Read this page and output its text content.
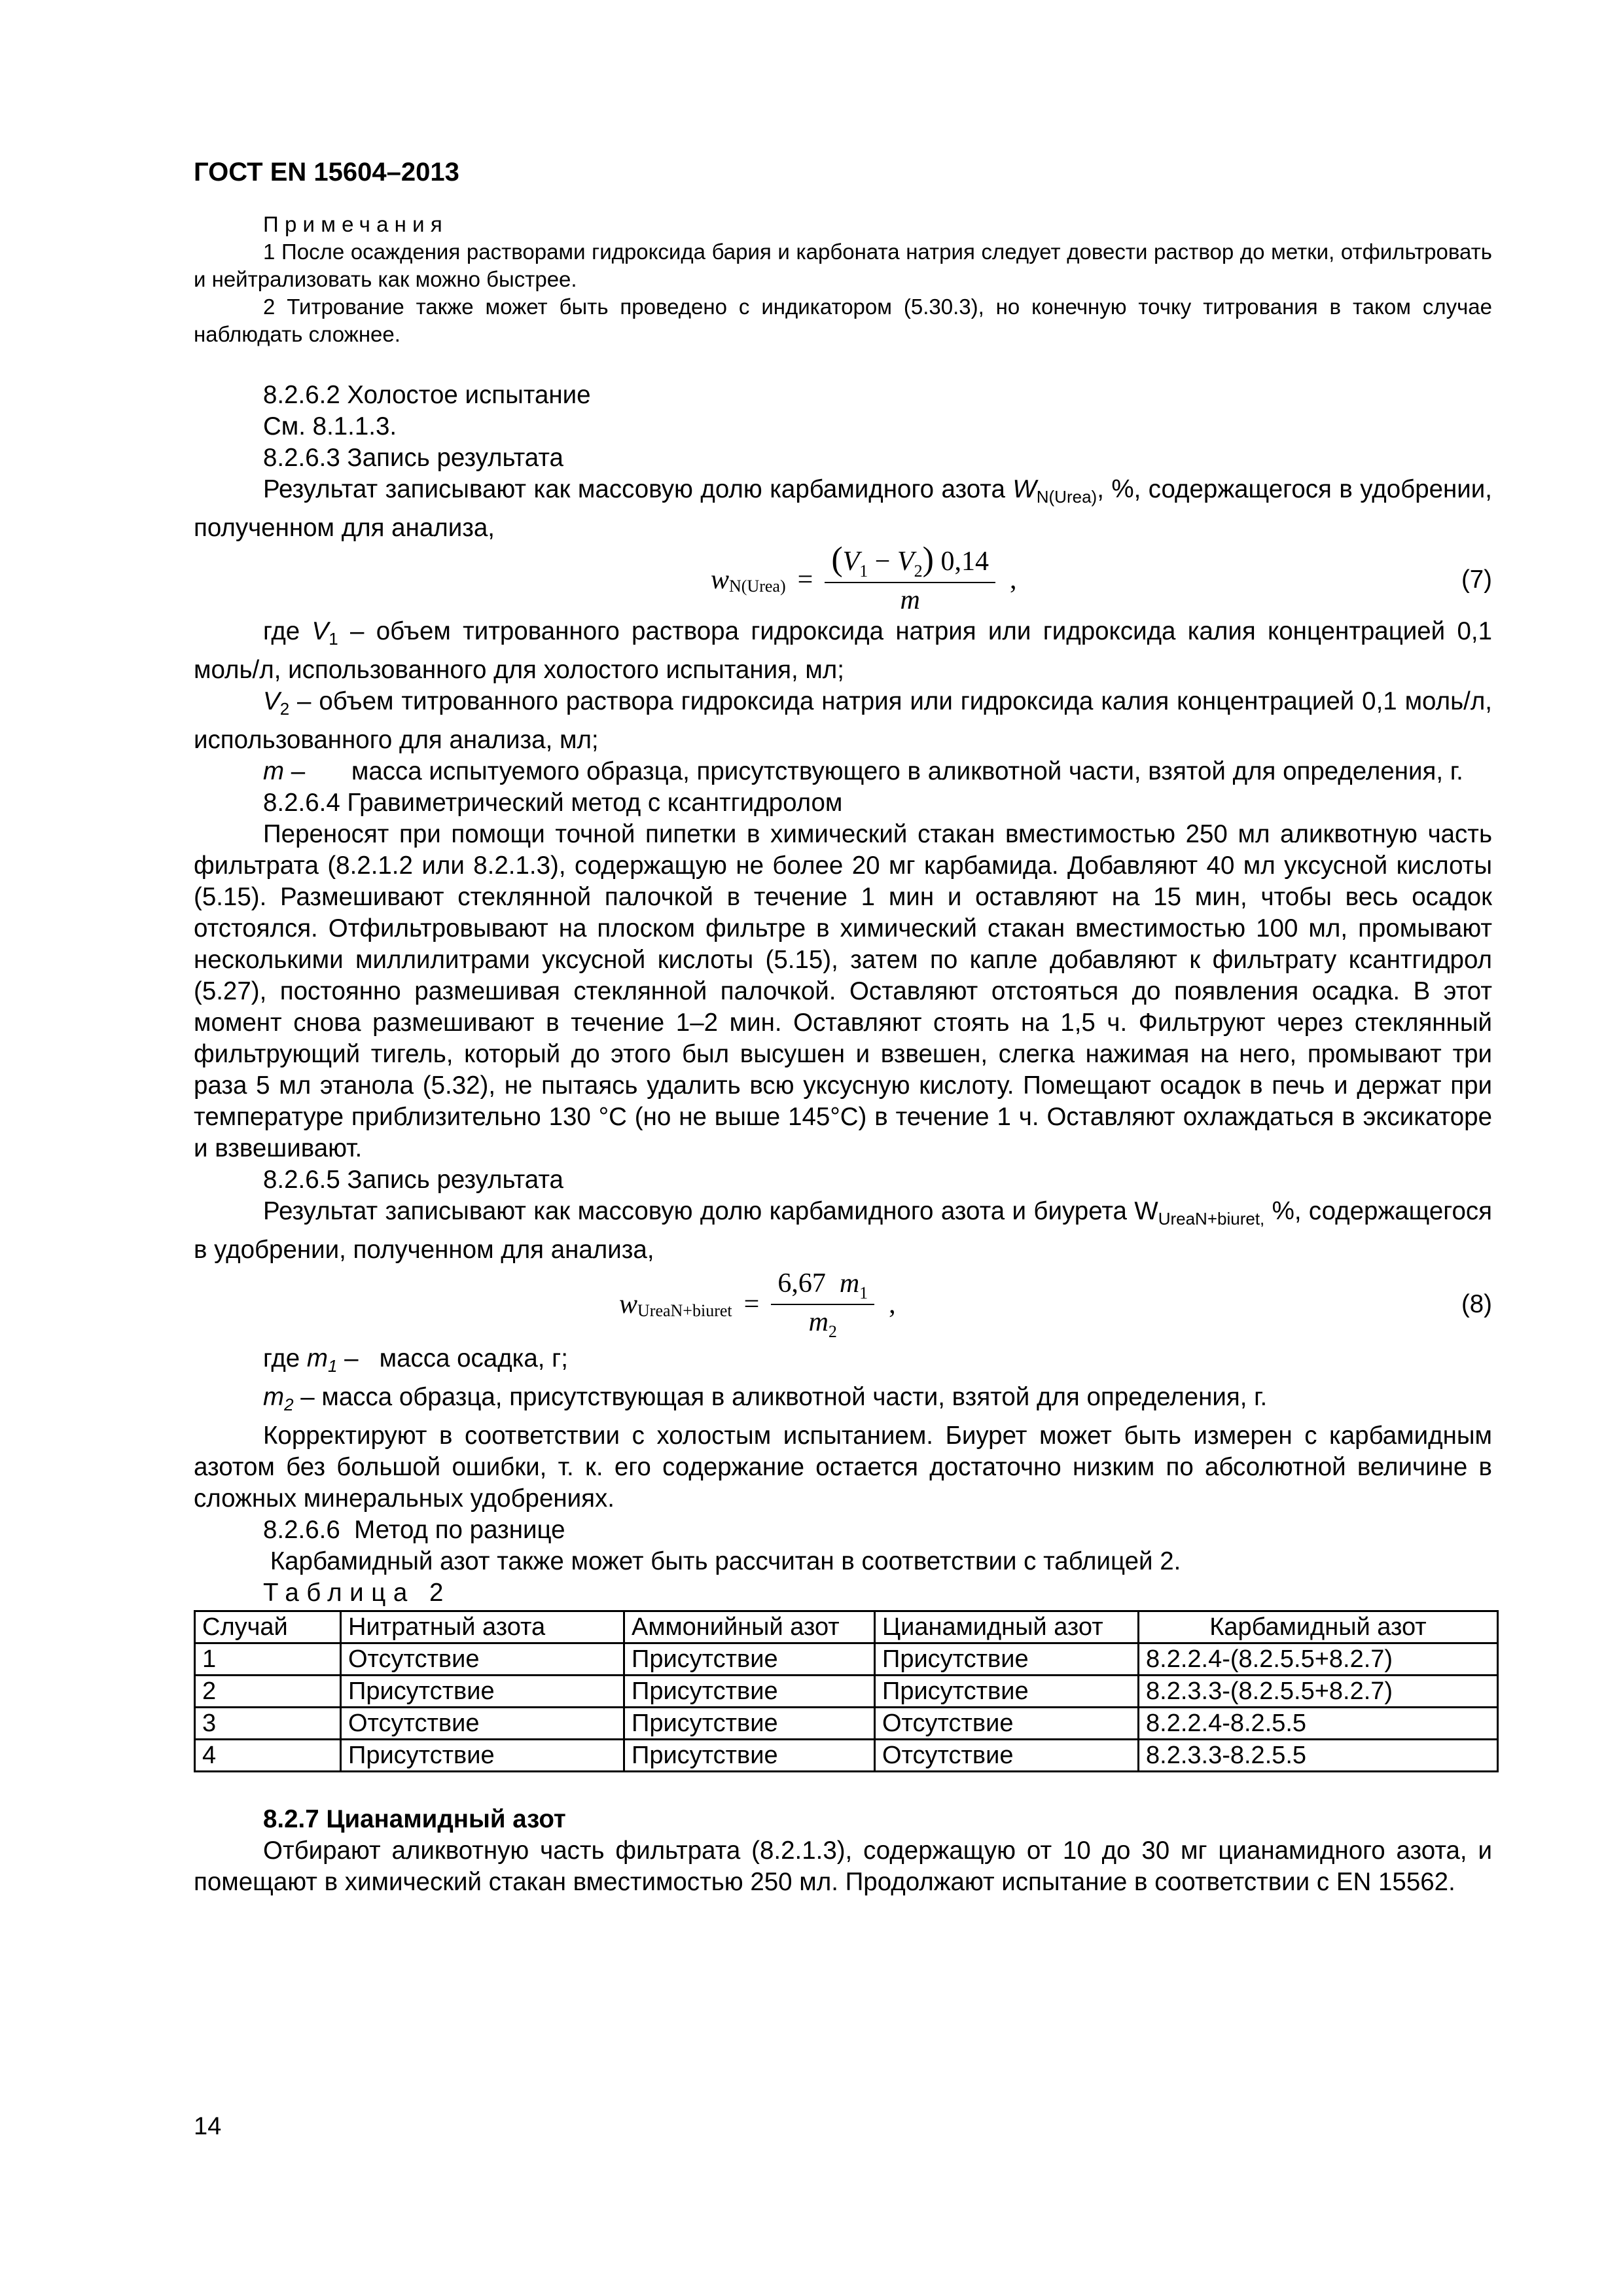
ГОСТ EN 15604–2013

Примечания

1 После осаждения растворами гидроксида бария и карбоната натрия следует довести раствор до метки, отфильтровать и нейтрализовать как можно быстрее.

2 Титрование также может быть проведено с индикатором (5.30.3), но конечную точку титрования в таком случае наблюдать сложнее.

8.2.6.2 Холостое испытание

См. 8.1.1.3.

8.2.6.3 Запись результата

Результат записывают как массовую долю карбамидного азота $W_{N(Urea)}$, %, содержащегося в удобрении, полученном для анализа,

w N(Urea) = $\frac{(V_1 - V_2) 0,14}{m}$ ,	(7)

где $V_1$ – объем титрованного раствора гидроксида натрия или гидроксида калия концентрацией 0,1 моль/л, использованного для холостого испытания, мл;

$V_2$ – объем титрованного раствора гидроксида натрия или гидроксида калия концентрацией 0,1 моль/л, использованного для анализа, мл;

m – масса испытуемого образца, присутствующего в аликвотной части, взятой для определения, г.

8.2.6.4 Гравиметрический метод с ксантгидролом

Переносят при помощи точной пипетки в химический стакан вместимостью 250 мл аликвотную часть фильтрата (8.2.1.2 или 8.2.1.3), содержащую не более 20 мг карбамида. Добавляют 40 мл уксусной кислоты (5.15). Размешивают стеклянной палочкой в течение 1 мин и оставляют на 15 мин, чтобы весь осадок отстоялся. Отфильтровывают на плоском фильтре в химический стакан вместимостью 100 мл, промывают несколькими миллилитрами уксусной кислоты (5.15), затем по капле добавляют к фильтрату ксантгидрол (5.27), постоянно размешивая стеклянной палочкой. Оставляют отстояться до появления осадка. В этот момент снова размешивают в течение 1–2 мин. Оставляют стоять на 1,5 ч. Фильтруют через стеклянный фильтрующий тигель, который до этого был высушен и взвешен, слегка нажимая на него, промывают три раза 5 мл этанола (5.32), не пытаясь удалить всю уксусную кислоту. Помещают осадок в печь и держат при температуре приблизительно 130 °С (но не выше 145°С) в течение 1 ч. Оставляют охлаждаться в эксикаторе и взвешивают.

8.2.6.5 Запись результата

Результат записывают как массовую долю карбамидного азота и биурета $W_{UreaN+biuret,}$ %, содержащегося в удобрении, полученном для анализа,

w UreaN+biuret = $\frac{6,67 m_1}{m_2}$ ,	(8)

где $m_1$ –   масса осадка, г;

$m_2$ – масса образца, присутствующая в аликвотной части, взятой для определения, г.

Корректируют в соответствии с холостым испытанием. Биурет может быть измерен с карбамидным азотом без большой ошибки, т. к. его содержание остается достаточно низким по абсолютной величине в сложных минеральных удобрениях.

8.2.6.6  Метод по разнице

Карбамидный азот также может быть рассчитан в соответствии с таблицей 2.

Таблица 2

Случай	Нитратный азота	Аммонийный азот	Цианамидный азот	Карбамидный азот
1	Отсутствие	Присутствие	Присутствие	8.2.2.4-(8.2.5.5+8.2.7)
2	Присутствие	Присутствие	Присутствие	8.2.3.3-(8.2.5.5+8.2.7)
3	Отсутствие	Присутствие	Отсутствие	8.2.2.4-8.2.5.5
4	Присутствие	Присутствие	Отсутствие	8.2.3.3-8.2.5.5

8.2.7 Цианамидный азот

Отбирают аликвотную часть фильтрата (8.2.1.3), содержащую от 10 до 30 мг цианамидного азота, и помещают в химический стакан вместимостью 250 мл. Продолжают испытание в соответствии с EN 15562.

14
